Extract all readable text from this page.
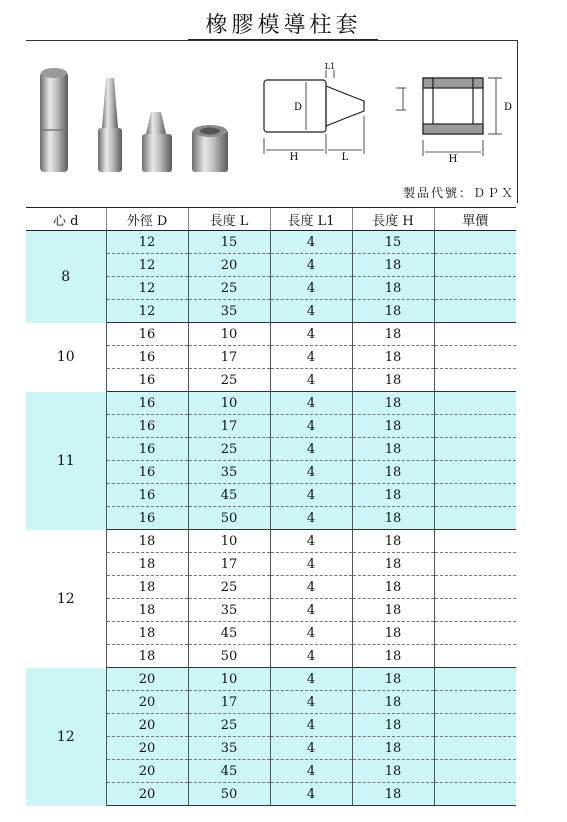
橡膠模導柱套
H	L
L1
D	D
H
製品代號：ＤＰＸ
心 d	外徑 D	長度 L	長度 L1	長度 H	單價
8	12	15	4	15	
	12	20	4	18	
	12	25	4	18	
	12	35	4	18	
10	16	10	4	18	
	16	17	4	18	
	16	25	4	18	
11	16	10	4	18	
	16	17	4	18	
	16	25	4	18	
	16	35	4	18	
	16	45	4	18	
	16	50	4	18	
12	18	10	4	18	
	18	17	4	18	
	18	25	4	18	
	18	35	4	18	
	18	45	4	18	
	18	50	4	18	
12	20	10	4	18	
	20	17	4	18	
	20	25	4	18	
	20	35	4	18	
	20	45	4	18	
	20	50	4	18	
